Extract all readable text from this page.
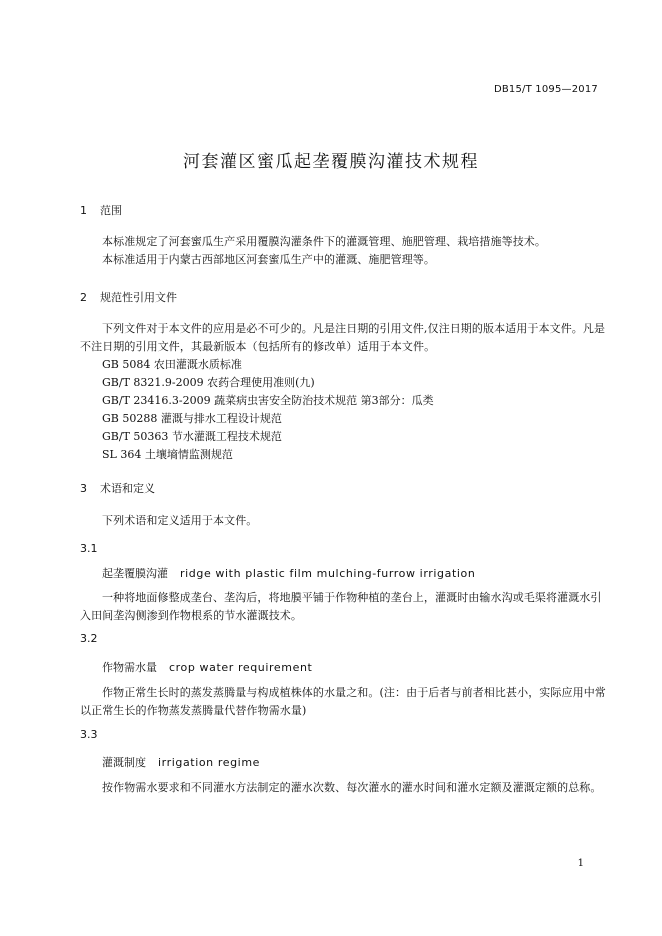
DB15/T 1095—2017
河套灌区蜜瓜起垄覆膜沟灌技术规程
1 范围
本标准规定了河套蜜瓜生产采用覆膜沟灌条件下的灌溉管理、施肥管理、栽培措施等技术。
本标准适用于内蒙古西部地区河套蜜瓜生产中的灌溉、施肥管理等。
2 规范性引用文件
下列文件对于本文件的应用是必不可少的。凡是注日期的引用文件,仅注日期的版本适用于本文件。凡是不注日期的引用文件，其最新版本（包括所有的修改单）适用于本文件。
GB 5084 农田灌溉水质标准
GB/T 8321.9-2009 农药合理使用准则(九)
GB/T 23416.3-2009 蔬菜病虫害安全防治技术规范 第3部分：瓜类
GB 50288 灌溉与排水工程设计规范
GB/T 50363 节水灌溉工程技术规范
SL 364 土壤墒情监测规范
3 术语和定义
下列术语和定义适用于本文件。
3.1
起垄覆膜沟灌 ridge with plastic film mulching-furrow irrigation
一种将地面修整成垄台、垄沟后，将地膜平铺于作物种植的垄台上，灌溉时由输水沟或毛渠将灌溉水引入田间垄沟侧渗到作物根系的节水灌溉技术。
3.2
作物需水量 crop water requirement
作物正常生长时的蒸发蒸腾量与构成植株体的水量之和。(注：由于后者与前者相比甚小，实际应用中常以正常生长的作物蒸发蒸腾量代替作物需水量)
3.3
灌溉制度 irrigation regime
按作物需水要求和不同灌水方法制定的灌水次数、每次灌水的灌水时间和灌水定额及灌溉定额的总称。
1
